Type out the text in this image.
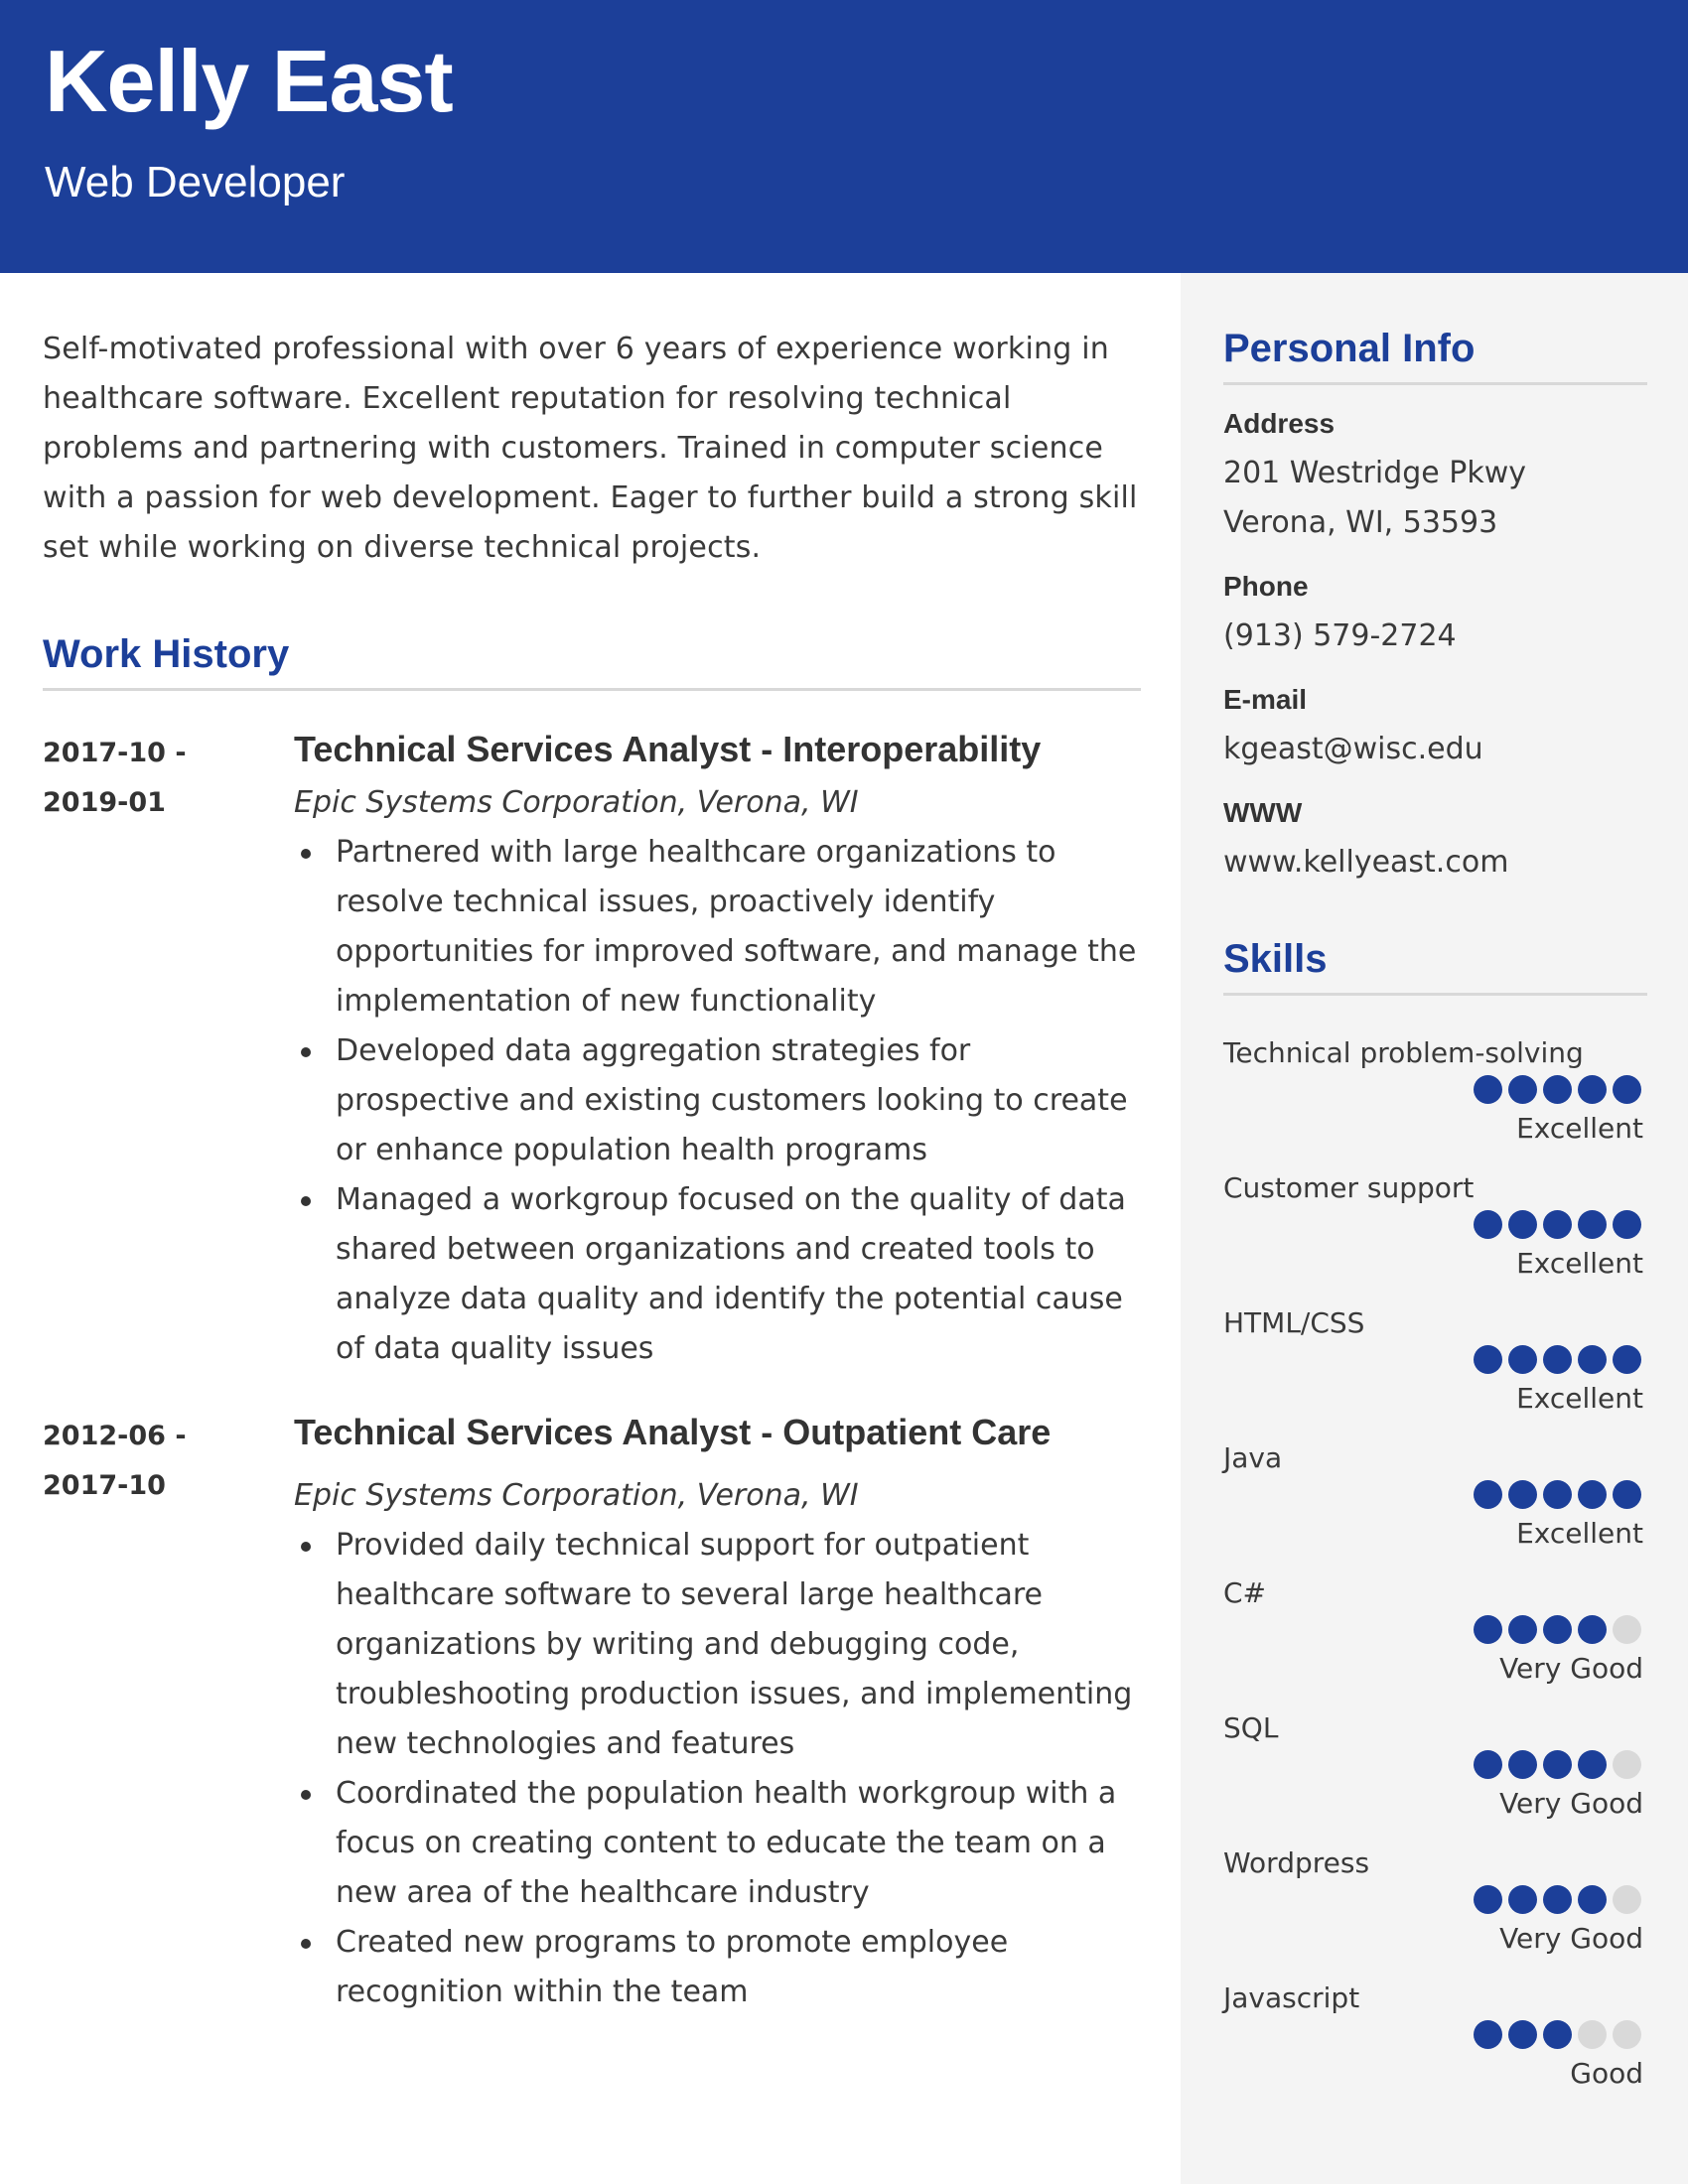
Kelly East
Web Developer
Self-motivated professional with over 6 years of experience working in healthcare software. Excellent reputation for resolving technical problems and partnering with customers. Trained in computer science with a passion for web development. Eager to further build a strong skill set while working on diverse technical projects.
Work History
2017-10 -
2019-01
Technical Services Analyst - Interoperability
Epic Systems Corporation, Verona, WI
Partnered with large healthcare organizations to resolve technical issues, proactively identify opportunities for improved software, and manage the implementation of new functionality
Developed data aggregation strategies for prospective and existing customers looking to create or enhance population health programs
Managed a workgroup focused on the quality of data shared between organizations and created tools to analyze data quality and identify the potential cause of data quality issues
2012-06 -
2017-10
Technical Services Analyst - Outpatient Care
Epic Systems Corporation, Verona, WI
Provided daily technical support for outpatient healthcare software to several large healthcare organizations by writing and debugging code, troubleshooting production issues, and implementing new technologies and features
Coordinated the population health workgroup with a focus on creating content to educate the team on a new area of the healthcare industry
Created new programs to promote employee recognition within the team
Personal Info
Address
201 Westridge Pkwy
Verona, WI, 53593
Phone
(913) 579-2724
E-mail
kgeast@wisc.edu
WWW
www.kellyeast.com
Skills
Technical problem-solving
Excellent
Customer support
Excellent
HTML/CSS
Excellent
Java
Excellent
C#
Very Good
SQL
Very Good
Wordpress
Very Good
Javascript
Good
